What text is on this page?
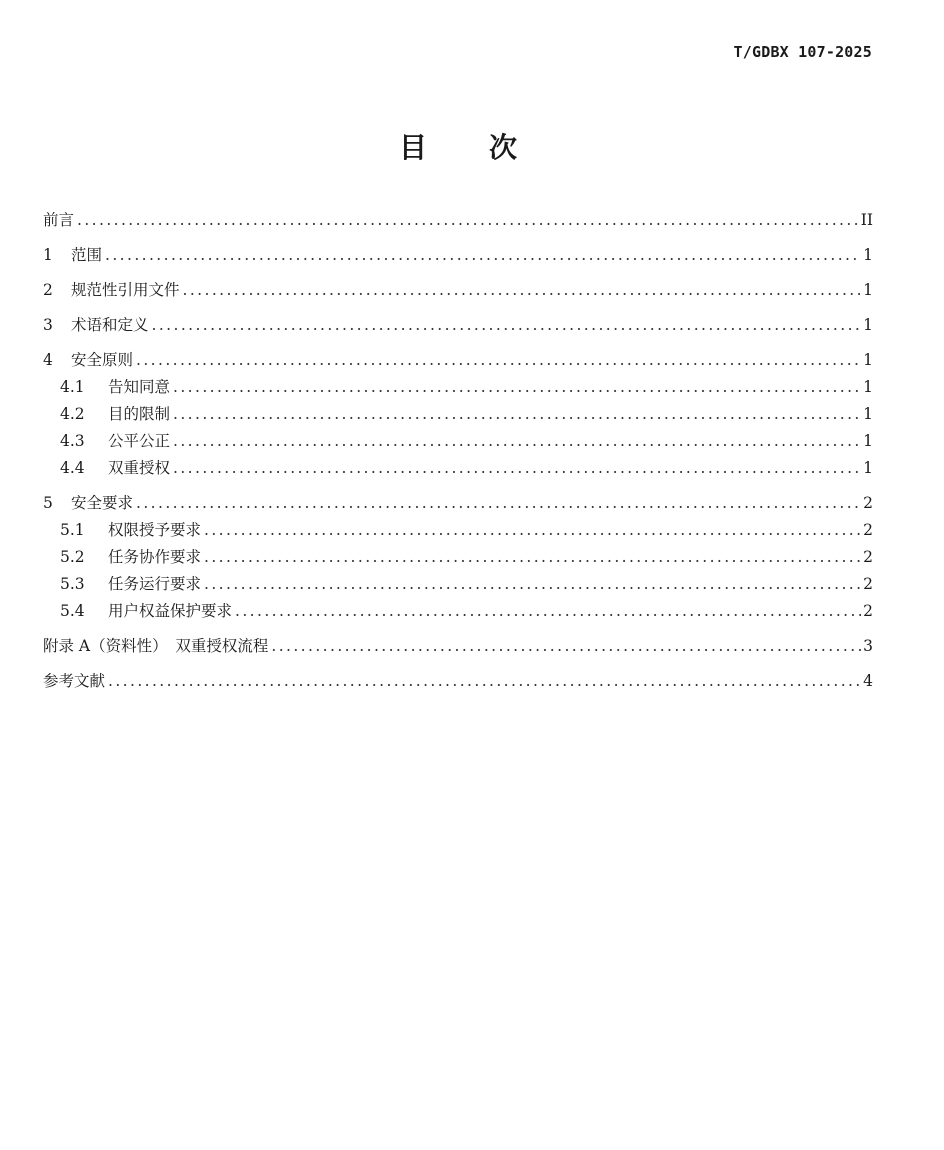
T/GDBX 107-2025
目次
前言 .....	II
1	范围 .....	1
2	规范性引用文件 .....	1
3	术语和定义 .....	1
4	安全原则 .....	1
4.1	告知同意 .....	1
4.2	目的限制 .....	1
4.3	公平公正 .....	1
4.4	双重授权 .....	1
5	安全要求 .....	2
5.1	权限授予要求 .....	2
5.2	任务协作要求 .....	2
5.3	任务运行要求 .....	2
5.4	用户权益保护要求 .....	2
附录 A（资料性）　双重授权流程 .....	3
参考文献 .....	4
